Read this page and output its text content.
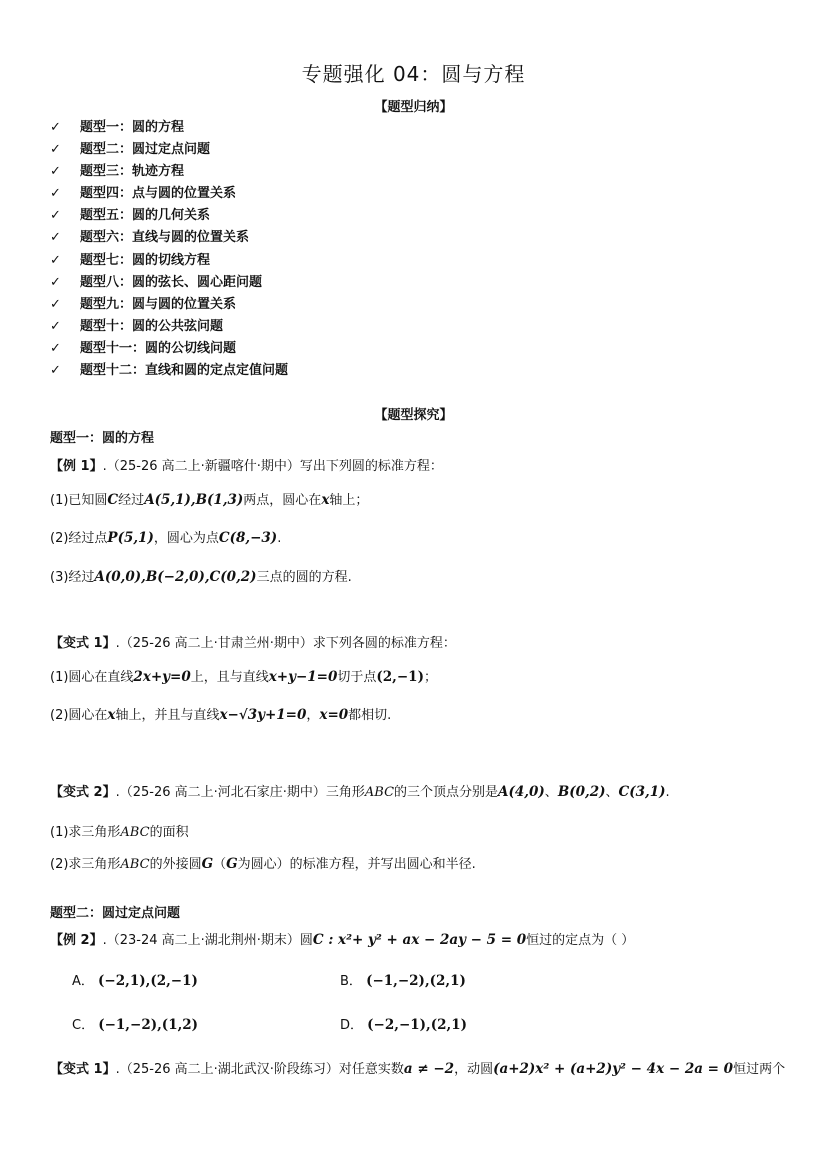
专题强化 04：圆与方程
【题型归纳】
✓ 题型一：圆的方程
✓ 题型二：圆过定点问题
✓ 题型三：轨迹方程
✓ 题型四：点与圆的位置关系
✓ 题型五：圆的几何关系
✓ 题型六：直线与圆的位置关系
✓ 题型七：圆的切线方程
✓ 题型八：圆的弦长、圆心距问题
✓ 题型九：圆与圆的位置关系
✓ 题型十：圆的公共弦问题
✓ 题型十一：圆的公切线问题
✓ 题型十二：直线和圆的定点定值问题
【题型探究】
题型一：圆的方程
【例 1】.（25-26 高二上·新疆喀什·期中）写出下列圆的标准方程：
(1)已知圆C经过A(5,1),B(1,3)两点，圆心在x轴上；
(2)经过点P(5,1)，圆心为点C(8,−3).
(3)经过A(0,0),B(−2,0),C(0,2)三点的圆的方程.
【变式 1】.（25-26 高二上·甘肃兰州·期中）求下列各圆的标准方程：
(1)圆心在直线2x+y=0上，且与直线x+y−1=0切于点(2,−1)；
(2)圆心在x轴上，并且与直线x−√3y+1=0，x=0都相切.
【变式 2】.（25-26 高二上·河北石家庄·期中）三角形ABC的三个顶点分别是A(4,0)、B(0,2)、C(3,1).
(1)求三角形ABC的面积
(2)求三角形ABC的外接圆G（G为圆心）的标准方程，并写出圆心和半径.
题型二：圆过定点问题
【例 2】.（23-24 高二上·湖北荆州·期末）圆C : x²+ y² + ax − 2ay − 5 = 0恒过的定点为（ ）
A． (−2,1),(2,−1)	B． (−1,−2),(2,1)
C． (−1,−2),(1,2)	D． (−2,−1),(2,1)
【变式 1】.（25-26 高二上·湖北武汉·阶段练习）对任意实数a ≠ −2，动圆(a+2)x² + (a+2)y² − 4x − 2a = 0恒过两个
